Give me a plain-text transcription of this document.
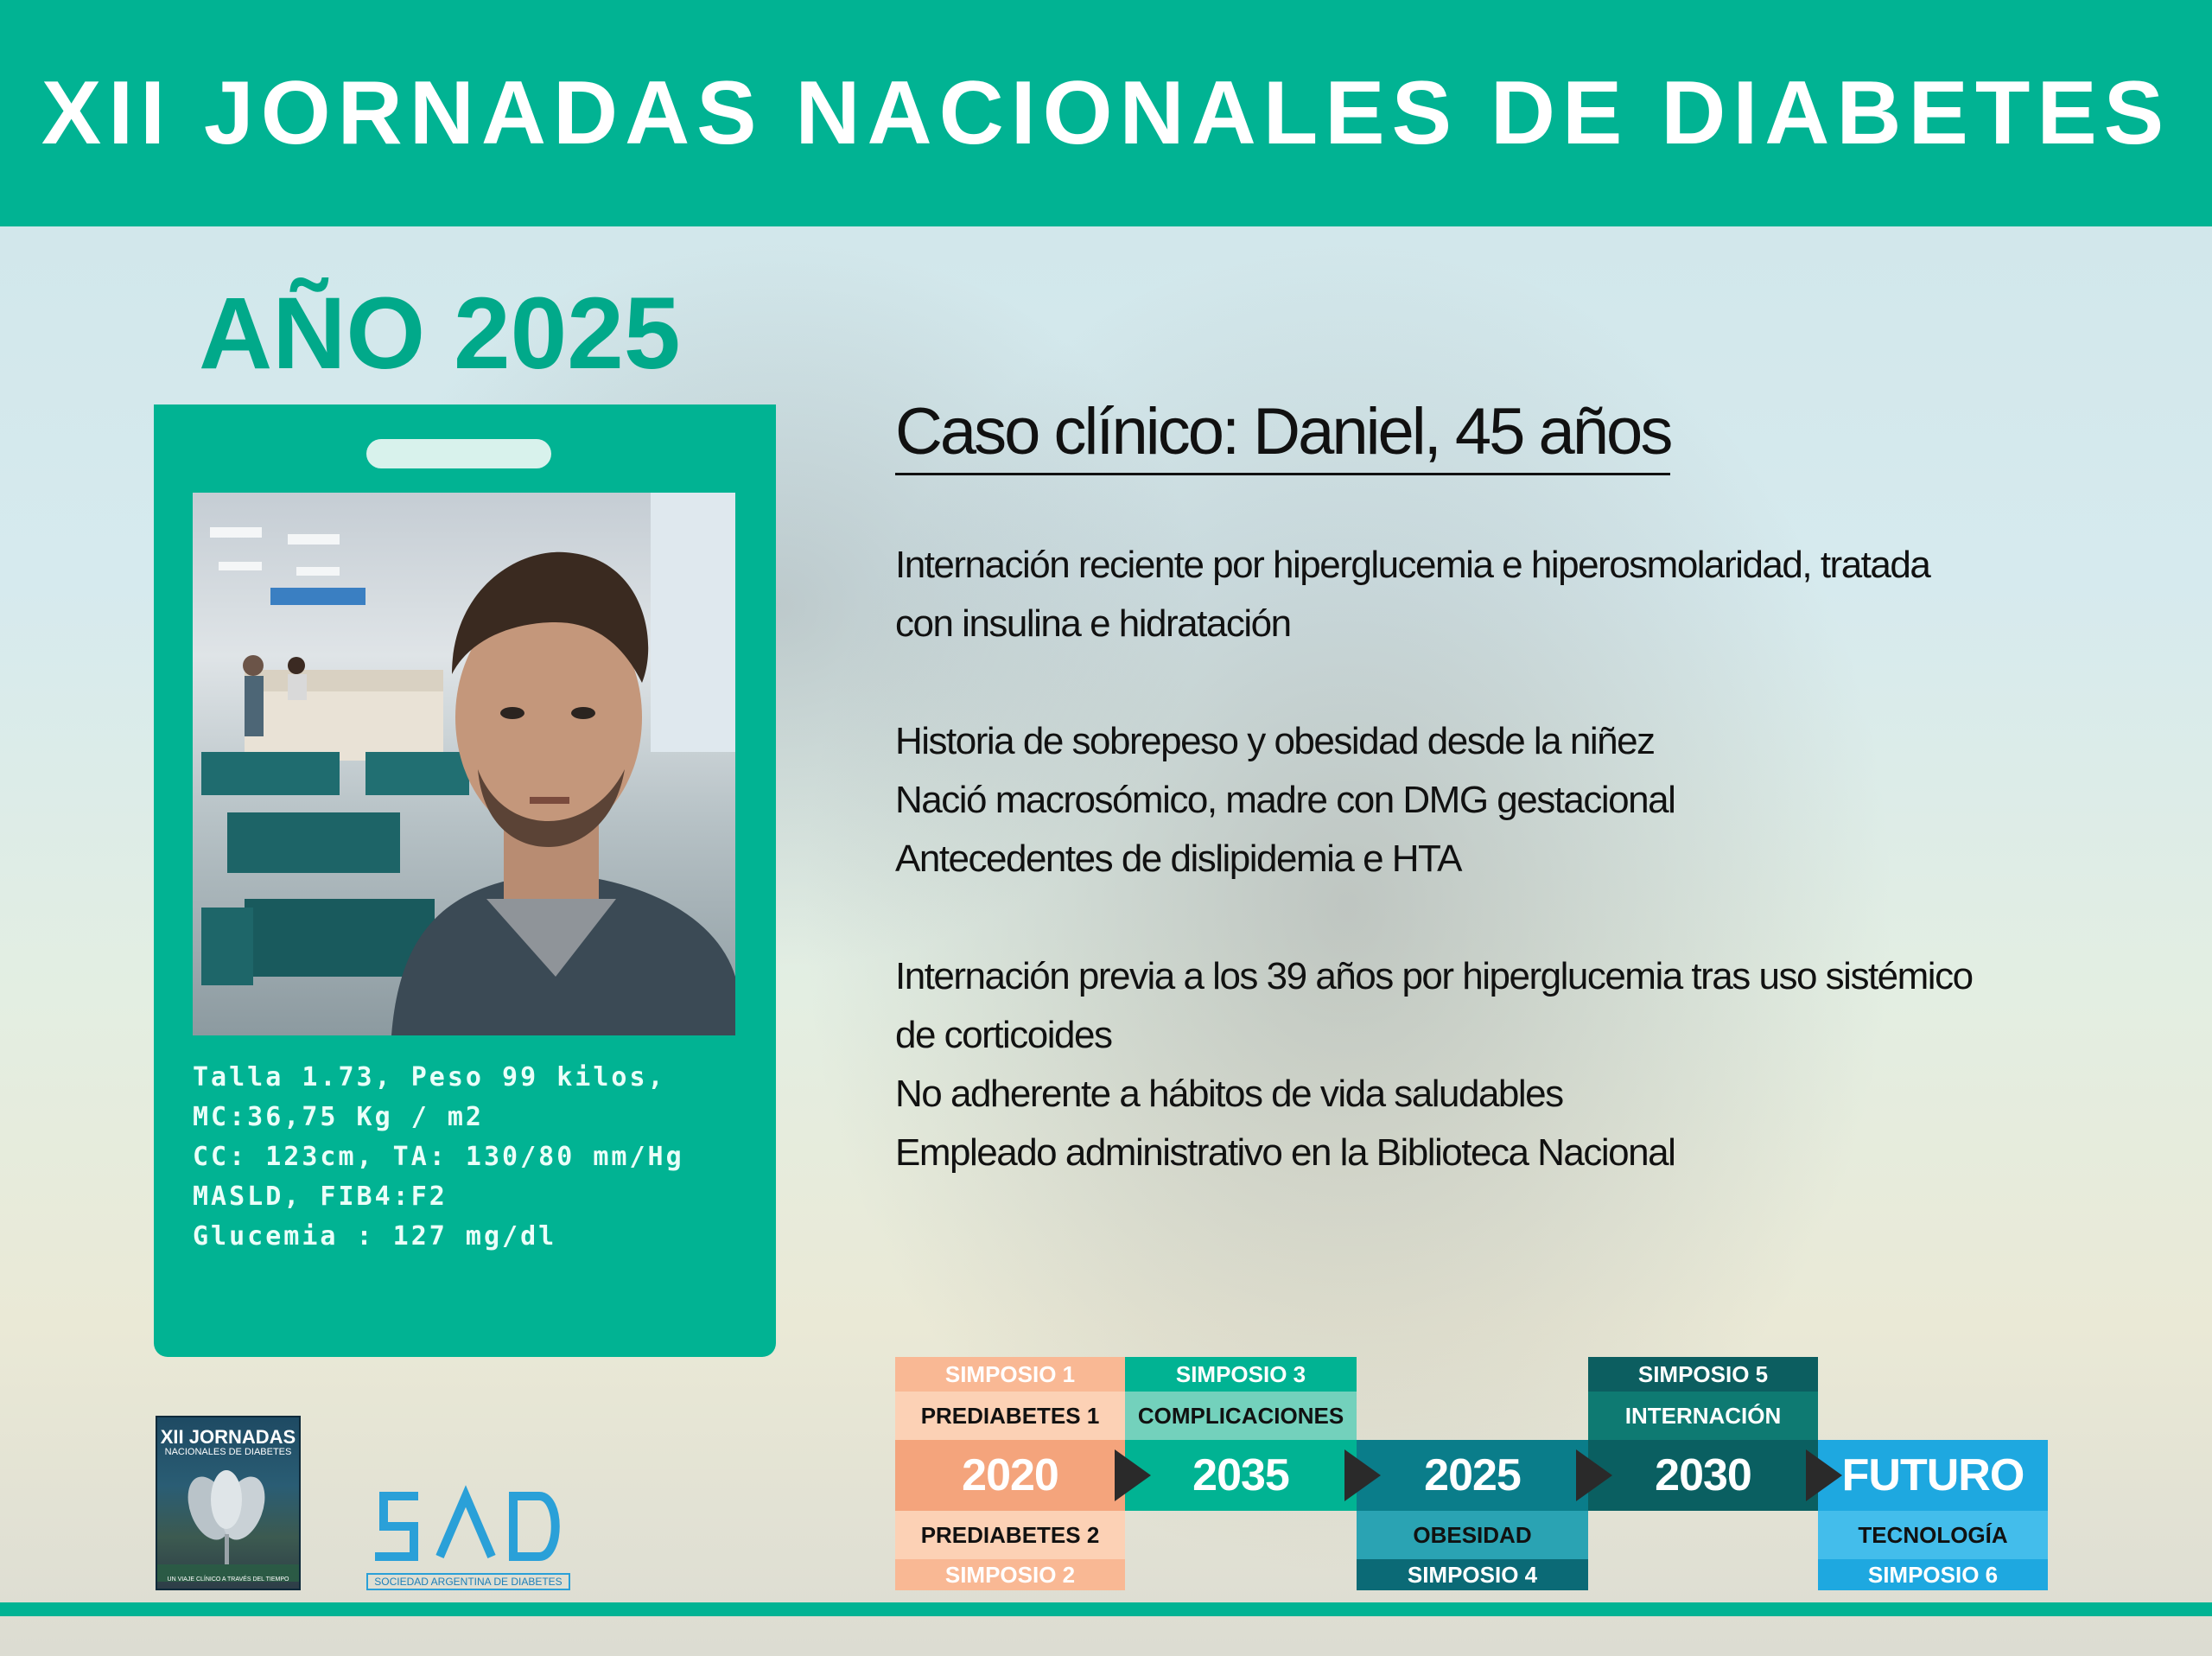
XII JORNADAS NACIONALES DE DIABETES
AÑO 2025
Talla 1.73, Peso 99 kilos,
MC:36,75 Kg / m2
CC: 123cm, TA: 130/80 mm/Hg
MASLD, FIB4:F2
Glucemia : 127 mg/dl
Caso clínico: Daniel, 45 años

Internación reciente por hiperglucemia e hiperosmolaridad, tratada

con insulina e hidratación

Historia de sobrepeso y obesidad desde la niñez

Nació macrosómico, madre con DMG gestacional

Antecedentes de dislipidemia e HTA

Internación previa a los 39 años por hiperglucemia tras uso sistémico

de corticoides

No adherente a hábitos de vida saludables

Empleado administrativo en la Biblioteca Nacional

SIMPOSIO 1
PREDIABETES 1
2020
PREDIABETES 2
SIMPOSIO 2
SIMPOSIO 3
COMPLICACIONES
2035	2025
OBESIDAD
SIMPOSIO 4
SIMPOSIO 5
INTERNACIÓN
2030	FUTURO
TECNOLOGÍA
SIMPOSIO 6
XII JORNADAS
NACIONALES DE DIABETES
UN VIAJE CLÍNICO A TRAVÉS DEL TIEMPO	SOCIEDAD ARGENTINA DE DIABETES
